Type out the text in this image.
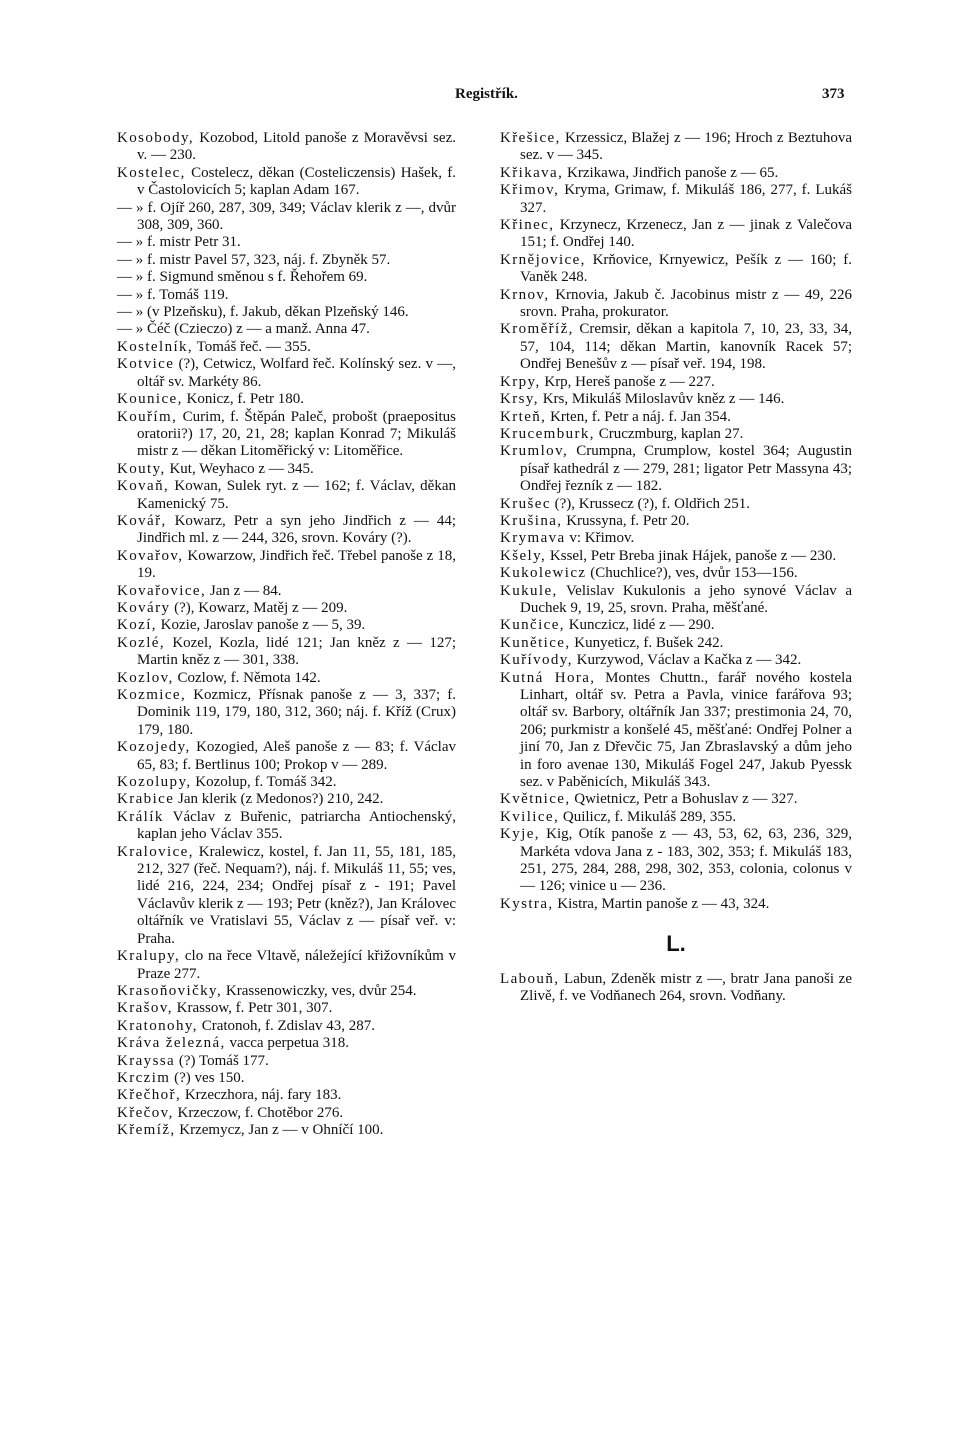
Registřík.	373

Kosobody, Kozobod, Litold panoše z Moravěvsi sez. v. — 230.

Kostelec, Costelecz, děkan (Costeliczensis) Hašek, f. v Častolovicích 5; kaplan Adam 167.

— » f. Ojíř 260, 287, 309, 349; Václav klerik z —, dvůr 308, 309, 360.

— » f. mistr Petr 31.

— » f. mistr Pavel 57, 323, náj. f. Zbyněk 57.

— » f. Sigmund směnou s f. Řehořem 69.

— » f. Tomáš 119.

— » (v Plzeňsku), f. Jakub, děkan Plzeňský 146.

— » Čéč (Czieczo) z — a manž. Anna 47.

Kostelník, Tomáš řeč. — 355.

Kotvice (?), Cetwicz, Wolfard řeč. Kolínský sez. v —, oltář sv. Markéty 86.

Kounice, Konicz, f. Petr 180.

Kouřím, Curim, f. Štěpán Paleč, probošt (praepositus oratorii?) 17, 20, 21, 28; kaplan Konrad 7; Mikuláš mistr z — děkan Litoměřický v: Litoměřice.

Kouty, Kut, Weyhaco z — 345.

Kovaň, Kowan, Sulek ryt. z — 162; f. Václav, děkan Kamenický 75.

Kovář, Kowarz, Petr a syn jeho Jindřich z — 44; Jindřich ml. z — 244, 326, srovn. Kováry (?).

Kovařov, Kowarzow, Jindřich řeč. Třebel panoše z 18, 19.

Kovařovice, Jan z — 84.

Kováry (?), Kowarz, Matěj z — 209.

Kozí, Kozie, Jaroslav panoše z — 5, 39.

Kozlé, Kozel, Kozla, lidé 121; Jan kněz z — 127; Martin kněz z — 301, 338.

Kozlov, Cozlow, f. Němota 142.

Kozmice, Kozmicz, Přísnak panoše z — 3, 337; f. Dominik 119, 179, 180, 312, 360; náj. f. Kříž (Crux) 179, 180.

Kozojedy, Kozogied, Aleš panoše z — 83; f. Václav 65, 83; f. Bertlinus 100; Prokop v — 289.

Kozolupy, Kozolup, f. Tomáš 342.

Krabice Jan klerik (z Medonos?) 210, 242.

Králík Václav z Buřenic, patriarcha Antiochenský, kaplan jeho Václav 355.

Kralovice, Kralewicz, kostel, f. Jan 11, 55, 181, 185, 212, 327 (řeč. Nequam?), náj. f. Mikuláš 11, 55; ves, lidé 216, 224, 234; Ondřej písař z - 191; Pavel Václavův klerik z — 193; Petr (kněz?), Jan Královec oltářník ve Vratislavi 55, Václav z — písař veř. v: Praha.

Kralupy, clo na řece Vltavě, náležející křižovníkům v Praze 277.

Krasoňovičky, Krassenowiczky, ves, dvůr 254.

Krašov, Krassow, f. Petr 301, 307.

Kratonohy, Cratonoh, f. Zdislav 43, 287.

Kráva železná, vacca perpetua 318.

Krayssa (?) Tomáš 177.

Krczim (?) ves 150.

Křečhoř, Krzeczhora, náj. fary 183.

Křečov, Krzeczow, f. Chotěbor 276.

Křemíž, Krzemycz, Jan z — v Ohníčí 100.

Křešice, Krzessicz, Blažej z — 196; Hroch z Beztuhova sez. v — 345.

Křikava, Krzikawa, Jindřich panoše z — 65.

Křimov, Kryma, Grimaw, f. Mikuláš 186, 277, f. Lukáš 327.

Křinec, Krzynecz, Krzenecz, Jan z — jinak z Valečova 151; f. Ondřej 140.

Krnějovice, Krňovice, Krnyewicz, Pešík z — 160; f. Vaněk 248.

Krnov, Krnovia, Jakub č. Jacobinus mistr z — 49, 226 srovn. Praha, prokurator.

Kroměříž, Cremsir, děkan a kapitola 7, 10, 23, 33, 34, 57, 104, 114; děkan Martin, kanovník Racek 57; Ondřej Benešův z — písař veř. 194, 198.

Krpy, Krp, Hereš panoše z — 227.

Krsy, Krs, Mikuláš Miloslavův kněz z — 146.

Krteň, Krten, f. Petr a náj. f. Jan 354.

Krucemburk, Cruczmburg, kaplan 27.

Krumlov, Crumpna, Crumplow, kostel 364; Augustin písař kathedrál z — 279, 281; ligator Petr Massyna 43; Ondřej řezník z — 182.

Krušec (?), Krussecz (?), f. Oldřich 251.

Krušina, Krussyna, f. Petr 20.

Krymava v: Křimov.

Kšely, Kssel, Petr Breba jinak Hájek, panoše z — 230.

Kukolewicz (Chuchlice?), ves, dvůr 153—156.

Kukule, Velislav Kukulonis a jeho synové Václav a Duchek 9, 19, 25, srovn. Praha, měšťané.

Kunčice, Kunczicz, lidé z — 290.

Kunětice, Kunyeticz, f. Bušek 242.

Kuřívody, Kurzywod, Václav a Kačka z — 342.

Kutná Hora, Montes Chuttn., farář nového kostela Linhart, oltář sv. Petra a Pavla, vinice farářova 93; oltář sv. Barbory, oltářník Jan 337; prestimonia 24, 70, 206; purkmistr a konšelé 45, měšťané: Ondřej Polner a jiní 70, Jan z Dřevčic 75, Jan Zbraslavský a dům jeho in foro avenae 130, Mikuláš Fogel 247, Jakub Pyessk sez. v Paběnicích, Mikuláš 343.

Květnice, Qwietnicz, Petr a Bohuslav z — 327.

Kvilice, Quilicz, f. Mikuláš 289, 355.

Kyje, Kig, Otík panoše z — 43, 53, 62, 63, 236, 329, Markéta vdova Jana z - 183, 302, 353; f. Mikuláš 183, 251, 275, 284, 288, 298, 302, 353, colonia, colonus v — 126; vinice u — 236.

Kystra, Kistra, Martin panoše z — 43, 324.

L.

Labouň, Labun, Zdeněk mistr z —, bratr Jana panoši ze Zlivě, f. ve Vodňanech 264, srovn. Vodňany.
